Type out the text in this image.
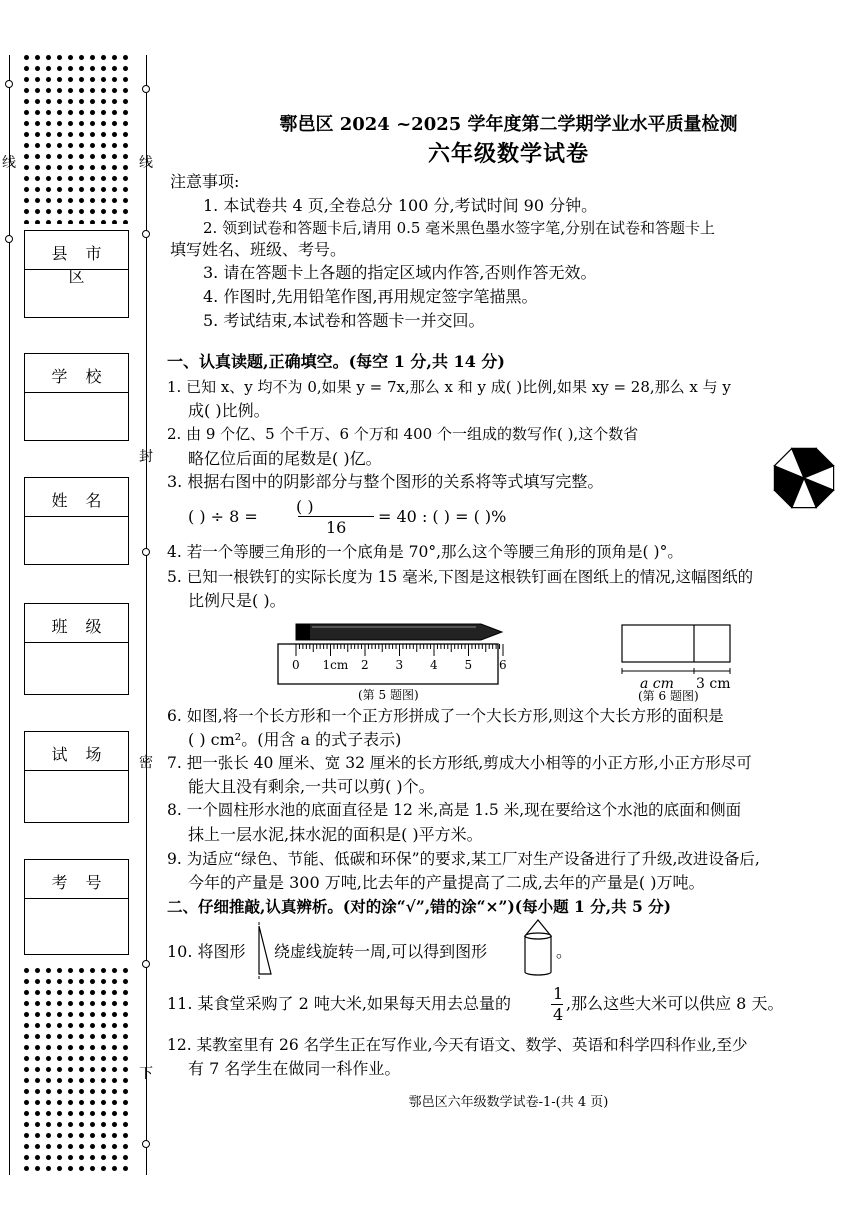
线	线
封
密
下
县市区
学校
姓名
班级
试场
考号
鄠邑区 2024 ~2025 学年度第二学期学业水平质量检测
六年级数学试卷
注意事项:
1. 本试卷共 4 页,全卷总分 100 分,考试时间 90 分钟。
2. 领到试卷和答题卡后,请用 0.5 毫米黑色墨水签字笔,分别在试卷和答题卡上
填写姓名、班级、考号。
3. 请在答题卡上各题的指定区域内作答,否则作答无效。
4. 作图时,先用铅笔作图,再用规定签字笔描黑。
5. 考试结束,本试卷和答题卡一并交回。
一、认真读题,正确填空。(每空 1 分,共 14 分)
1. 已知 x、y 均不为 0,如果 y = 7x,那么 x 和 y 成( )比例,如果 xy = 28,那么 x 与 y
成( )比例。
2. 由 9 个亿、5 个千万、6 个万和 400 个一组成的数写作( ),这个数省
略亿位后面的尾数是( )亿。
3. 根据右图中的阴影部分与整个图形的关系将等式填写完整。
( ) ÷ 8 =
( )
16
= 40 : ( ) = ( )%
4. 若一个等腰三角形的一个底角是 70°,那么这个等腰三角形的顶角是( )°。
5. 已知一根铁钉的实际长度为 15 毫米,下图是这根铁钉画在图纸上的情况,这幅图纸的
比例尺是( )。
0 1cm 2 3 4 5 6
(第 5 题图)
a cm 3 cm
(第 6 题图)
6. 如图,将一个长方形和一个正方形拼成了一个大长方形,则这个大长方形的面积是
( ) cm²。(用含 a 的式子表示)
7. 把一张长 40 厘米、宽 32 厘米的长方形纸,剪成大小相等的小正方形,小正方形尽可
能大且没有剩余,一共可以剪( )个。
8. 一个圆柱形水池的底面直径是 12 米,高是 1.5 米,现在要给这个水池的底面和侧面
抹上一层水泥,抹水泥的面积是( )平方米。
9. 为适应“绿色、节能、低碳和环保”的要求,某工厂对生产设备进行了升级,改进设备后,
今年的产量是 300 万吨,比去年的产量提高了二成,去年的产量是( )万吨。
二、仔细推敲,认真辨析。(对的涂“√”,错的涂“×”)(每小题 1 分,共 5 分)
10. 将图形 绕虚线旋转一周,可以得到图形	。
11. 某食堂采购了 2 吨大米,如果每天用去总量的
1
4
,那么这些大米可以供应 8 天。
12. 某教室里有 26 名学生正在写作业,今天有语文、数学、英语和科学四科作业,至少
有 7 名学生在做同一科作业。
鄠邑区六年级数学试卷-1-(共 4 页)
